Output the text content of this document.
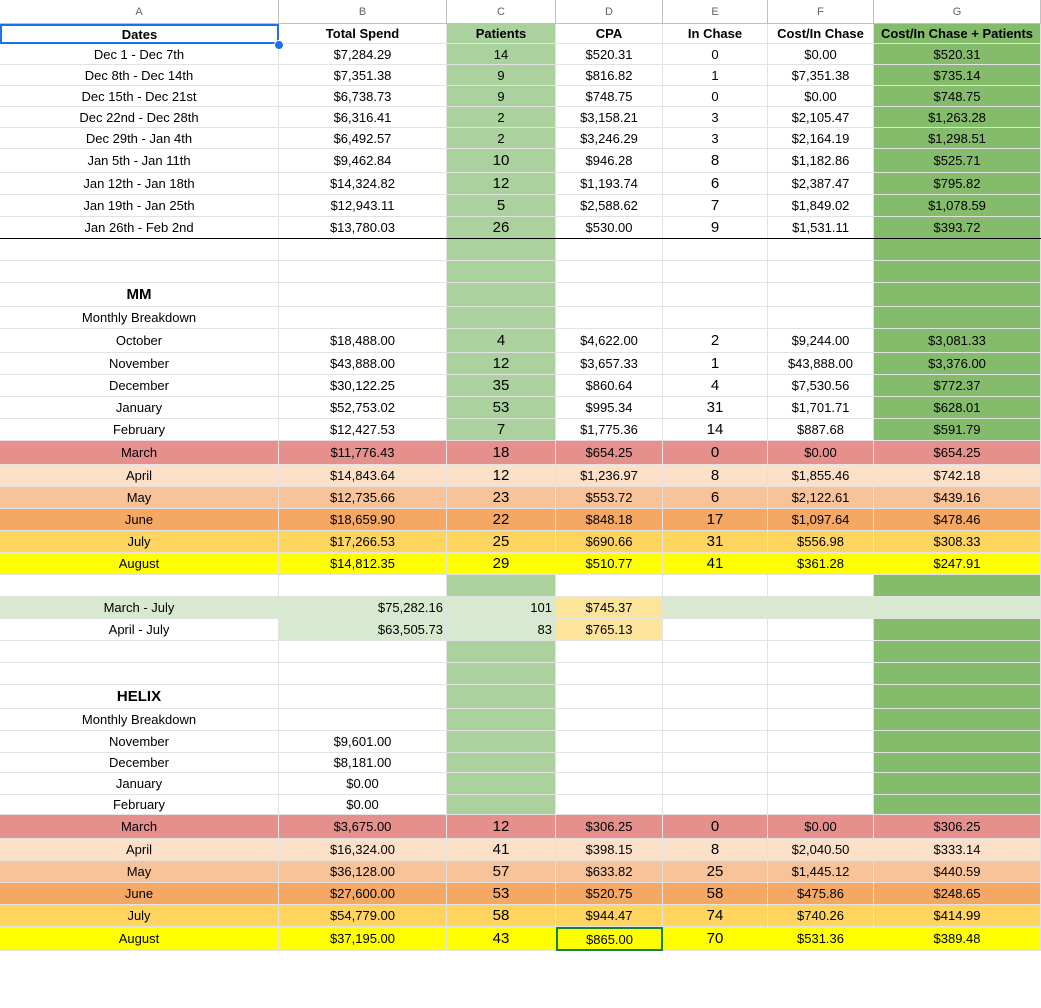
A	B	C	D	E	F	G
Dates	Total Spend	Patients	CPA	In Chase	Cost/In Chase	Cost/In Chase + Patients
Dec 1 - Dec 7th	$7,284.29	14	$520.31	0	$0.00	$520.31
Dec 8th - Dec 14th	$7,351.38	9	$816.82	1	$7,351.38	$735.14
Dec 15th - Dec 21st	$6,738.73	9	$748.75	0	$0.00	$748.75
Dec 22nd - Dec 28th	$6,316.41	2	$3,158.21	3	$2,105.47	$1,263.28
Dec 29th - Jan 4th	$6,492.57	2	$3,246.29	3	$2,164.19	$1,298.51
Jan 5th - Jan 11th	$9,462.84	10	$946.28	8	$1,182.86	$525.71
Jan 12th - Jan 18th	$14,324.82	12	$1,193.74	6	$2,387.47	$795.82
Jan 19th - Jan 25th	$12,943.11	5	$2,588.62	7	$1,849.02	$1,078.59
Jan 26th - Feb 2nd	$13,780.03	26	$530.00	9	$1,531.11	$393.72
MM
Monthly Breakdown
October	$18,488.00	4	$4,622.00	2	$9,244.00	$3,081.33
November	$43,888.00	12	$3,657.33	1	$43,888.00	$3,376.00
December	$30,122.25	35	$860.64	4	$7,530.56	$772.37
January	$52,753.02	53	$995.34	31	$1,701.71	$628.01
February	$12,427.53	7	$1,775.36	14	$887.68	$591.79
March	$11,776.43	18	$654.25	0	$0.00	$654.25
April	$14,843.64	12	$1,236.97	8	$1,855.46	$742.18
May	$12,735.66	23	$553.72	6	$2,122.61	$439.16
June	$18,659.90	22	$848.18	17	$1,097.64	$478.46
July	$17,266.53	25	$690.66	31	$556.98	$308.33
August	$14,812.35	29	$510.77	41	$361.28	$247.91
March - July	$75,282.16	101	$745.37
April - July	$63,505.73	83	$765.13
HELIX
Monthly Breakdown
November	$9,601.00
December	$8,181.00
January	$0.00
February	$0.00
March	$3,675.00	12	$306.25	0	$0.00	$306.25
April	$16,324.00	41	$398.15	8	$2,040.50	$333.14
May	$36,128.00	57	$633.82	25	$1,445.12	$440.59
June	$27,600.00	53	$520.75	58	$475.86	$248.65
July	$54,779.00	58	$944.47	74	$740.26	$414.99
August	$37,195.00	43	$865.00	70	$531.36	$389.48
